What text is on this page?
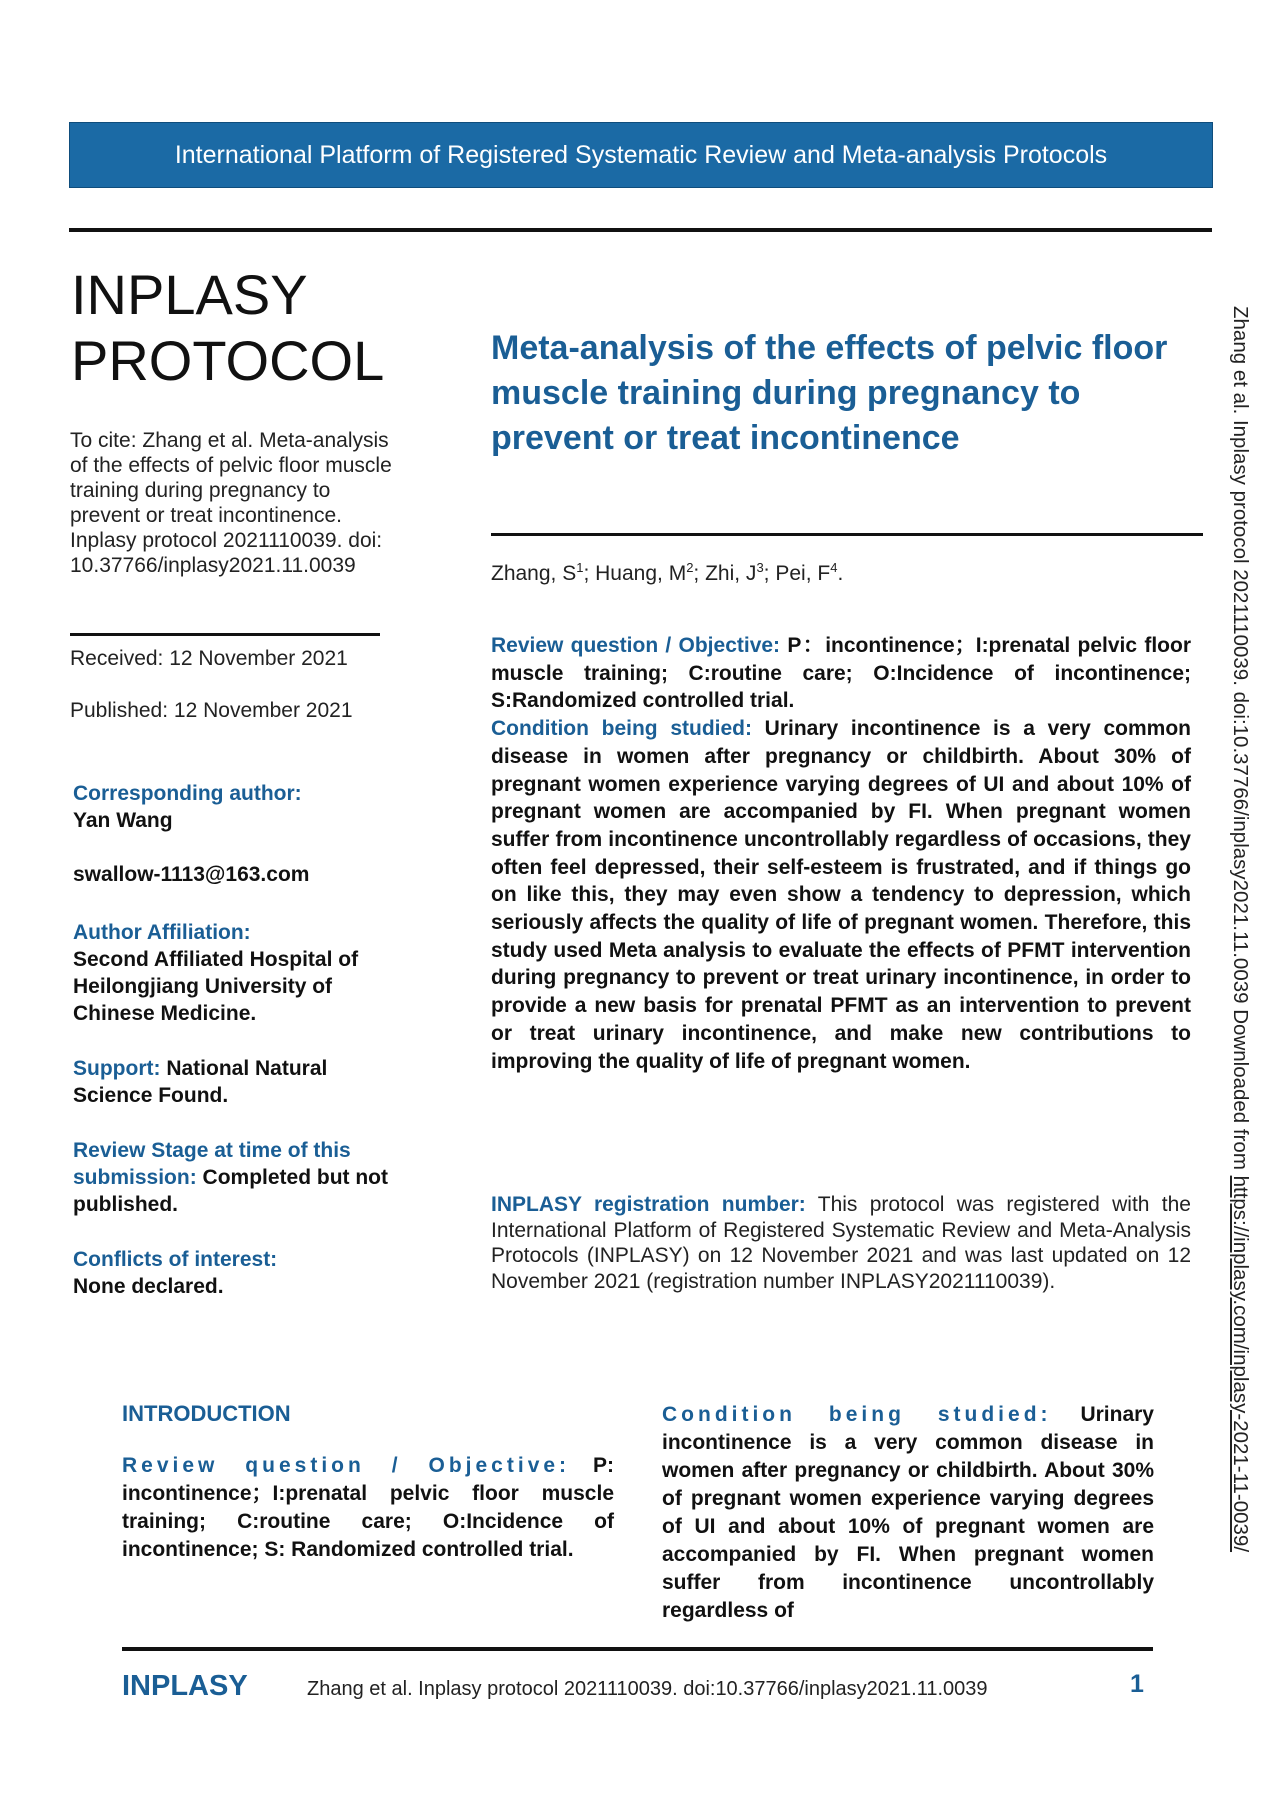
International Platform of Registered Systematic Review and Meta-analysis Protocols
INPLASY
PROTOCOL
To cite: Zhang et al. Meta-analysis of the effects of pelvic floor muscle training during pregnancy to prevent or treat incontinence. Inplasy protocol 2021110039. doi: 10.37766/inplasy2021.11.0039
Received: 12 November 2021
Published: 12 November 2021
Corresponding author:
Yan Wang
swallow-1113@163.com
Author Affiliation:
Second Affiliated Hospital of Heilongjiang University of Chinese Medicine.
Support: National Natural Science Found.
Review Stage at time of this submission: Completed but not published.
Conflicts of interest:
None declared.
Meta-analysis of the effects of pelvic floor muscle training during pregnancy to prevent or treat incontinence
Zhang, $S^1$; Huang, $M^2$; Zhi, $J^3$; Pei, $F^4$.
Review question / Objective: P：incontinence；I:prenatal pelvic floor muscle training; C:routine care; O:Incidence of incontinence; S:Randomized controlled trial.
Condition being studied: Urinary incontinence is a very common disease in women after pregnancy or childbirth. About 30% of pregnant women experience varying degrees of UI and about 10% of pregnant women are accompanied by FI. When pregnant women suffer from incontinence uncontrollably regardless of occasions, they often feel depressed, their self-esteem is frustrated, and if things go on like this, they may even show a tendency to depression, which seriously affects the quality of life of pregnant women. Therefore, this study used Meta analysis to evaluate the effects of PFMT intervention during pregnancy to prevent or treat urinary incontinence, in order to provide a new basis for prenatal PFMT as an intervention to prevent or treat urinary incontinence, and make new contributions to improving the quality of life of pregnant women.
INPLASY registration number: This protocol was registered with the International Platform of Registered Systematic Review and Meta-Analysis Protocols (INPLASY) on 12 November 2021 and was last updated on 12 November 2021 (registration number INPLASY2021110039).
INTRODUCTION
Review question / Objective: P: incontinence；I:prenatal pelvic floor muscle training; C:routine care; O:Incidence of incontinence; S: Randomized controlled trial.
Condition being studied: Urinary incontinence is a very common disease in women after pregnancy or childbirth. About 30% of pregnant women experience varying degrees of UI and about 10% of pregnant women are accompanied by FI. When pregnant women suffer from incontinence uncontrollably regardless of
INPLASY	Zhang et al. Inplasy protocol 2021110039. doi:10.37766/inplasy2021.11.0039	1
Zhang et al. Inplasy protocol 2021110039. doi:10.37766/inplasy2021.11.0039 Downloaded from https://inplasy.com/inplasy-2021-11-0039/
